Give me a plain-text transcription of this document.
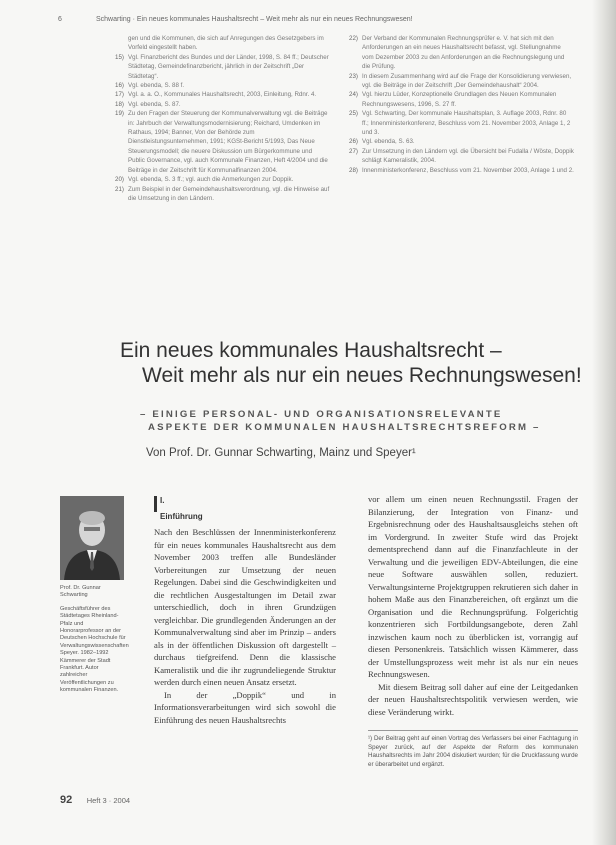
6	Schwarting · Ein neues kommunales Haushaltsrecht – Weit mehr als nur ein neues Rechnungswesen!
gen und die Kommunen, die sich auf Anregungen des Gesetzgebers im Vorfeld eingestellt haben.
15) Vgl. Finanzbericht des Bundes und der Länder, 1998, S. 84 ff.; Deutscher Städtetag, Gemeindefinanzbericht, jährlich in der Zeitschrift „Der Städtetag“.
16) Vgl. ebenda, S. 88 f.
17) Vgl. a. a. O., Kommunales Haushaltsrecht, 2003, Einleitung, Rdnr. 4.
18) Vgl. ebenda, S. 87.
19) Zu den Fragen der Steuerung der Kommunalverwaltung vgl. die Beiträge in: Jahrbuch der Verwaltungsmodernisierung; Reichard, Umdenken im Rathaus, 1994; Banner, Von der Behörde zum Dienstleistungsunternehmen, 1991; KGSt-Bericht 5/1993, Das Neue Steuerungsmodell; die neuere Diskussion um Bürgerkommune und Public Governance, vgl. auch Kommunale Finanzen, Heft 4/2004 und die Beiträge in der Zeitschrift für Kommunalfinanzen 2004.
20) Vgl. ebenda, S. 3 ff.; vgl. auch die Anmerkungen zur Doppik.
21) Zum Beispiel in der Gemeindehaushaltsverordnung, vgl. die Hinweise auf die Umsetzung in den Ländern.
22) Der Verband der Kommunalen Rechnungsprüfer e. V. hat sich mit den Anforderungen an ein neues Haushaltsrecht befasst, vgl. Stellungnahme vom Dezember 2003 zu den Anforderungen an die Rechnungslegung und die Prüfung.
23) In diesem Zusammenhang wird auf die Frage der Konsolidierung verwiesen, vgl. die Beiträge in der Zeitschrift „Der Gemeindehaushalt“ 2004.
24) Vgl. hierzu Lüder, Konzeptionelle Grundlagen des Neuen Kommunalen Rechnungswesens, 1996, S. 27 ff.
25) Vgl. Schwarting, Der kommunale Haushaltsplan, 3. Auflage 2003, Rdnr. 80 ff.; Innenministerkonferenz, Beschluss vom 21. November 2003, Anlage 1, 2 und 3.
26) Vgl. ebenda, S. 63.
27) Zur Umsetzung in den Ländern vgl. die Übersicht bei Fudalla / Wöste, Doppik schlägt Kameralistik, 2004.
28) Innenministerkonferenz, Beschluss vom 21. November 2003, Anlage 1 und 2.
Ein neues kommunales Haushaltsrecht –
Weit mehr als nur ein neues Rechnungswesen!
– EINIGE PERSONAL- UND ORGANISATIONSRELEVANTE
ASPEKTE DER KOMMUNALEN HAUSHALTSRECHTSREFORM –
Von Prof. Dr. Gunnar Schwarting, Mainz und Speyer¹
Prof. Dr. Gunnar Schwarting
Geschäftsführer des Städtetages Rheinland-Pfalz und Honorarprofessor an der Deutschen Hochschule für Verwaltungswissenschaften Speyer. 1982–1992 Kämmerer der Stadt Frankfurt. Autor zahlreicher Veröffentlichungen zu kommunalen Finanzen.
I.
Einführung

Nach den Beschlüssen der Innenministerkonferenz für ein neues kommunales Haushaltsrecht aus dem November 2003 treffen alle Bundesländer Vorbereitungen zur Umsetzung der neuen Regelungen. Dabei sind die Geschwindigkeiten und die rechtlichen Ausgestaltungen im Detail zwar unterschiedlich, doch in ihren Grundzügen vergleichbar. Die grundlegenden Änderungen an der Kommunalverwaltung sind aber im Prinzip – anders als in der öffentlichen Diskussion oft dargestellt – durchaus tiefgreifend. Denn die klassische Kameralistik und die ihr zugrundeliegende Struktur werden durch einen neuen Ansatz ersetzt.

In der „Doppik“ und in Informationsverarbeitungen wird sich sowohl die Einführung des neuen Haushaltsrechts

vor allem um einen neuen Rechnungsstil. Fragen der Bilanzierung, der Integration von Finanz- und Ergebnisrechnung oder des Haushaltsausgleichs stehen oft im Vordergrund. In zweiter Stufe wird das Projekt dementsprechend dann auf die Finanzfachleute in der Verwaltung und die jeweiligen EDV-Abteilungen, die eine neue Software auswählen sollen, reduziert. Verwaltungsinterne Projektgruppen rekrutieren sich daher in hohem Maße aus den Finanzbereichen, oft ergänzt um die Organisation und die Rechnungsprüfung. Folgerichtig konzentrieren sich Fortbildungsangebote, deren Zahl inzwischen kaum noch zu überblicken ist, vorrangig auf diesen Personenkreis. Tatsächlich wissen Kämmerer, dass der Umstellungsprozess weit mehr ist als nur ein neues Rechnungswesen.

Mit diesem Beitrag soll daher auf eine der Leitgedanken der neuen Haushaltsrechtspolitik verwiesen werden, wie diese Veränderung wirkt.

¹) Der Beitrag geht auf einen Vortrag des Verfassers bei einer Fachtagung in Speyer zurück, auf der Aspekte der Reform des kommunalen Haushaltsrechts im Jahr 2004 diskutiert wurden; für die Druckfassung wurde er überarbeitet und ergänzt.
92 Heft 3 · 2004
